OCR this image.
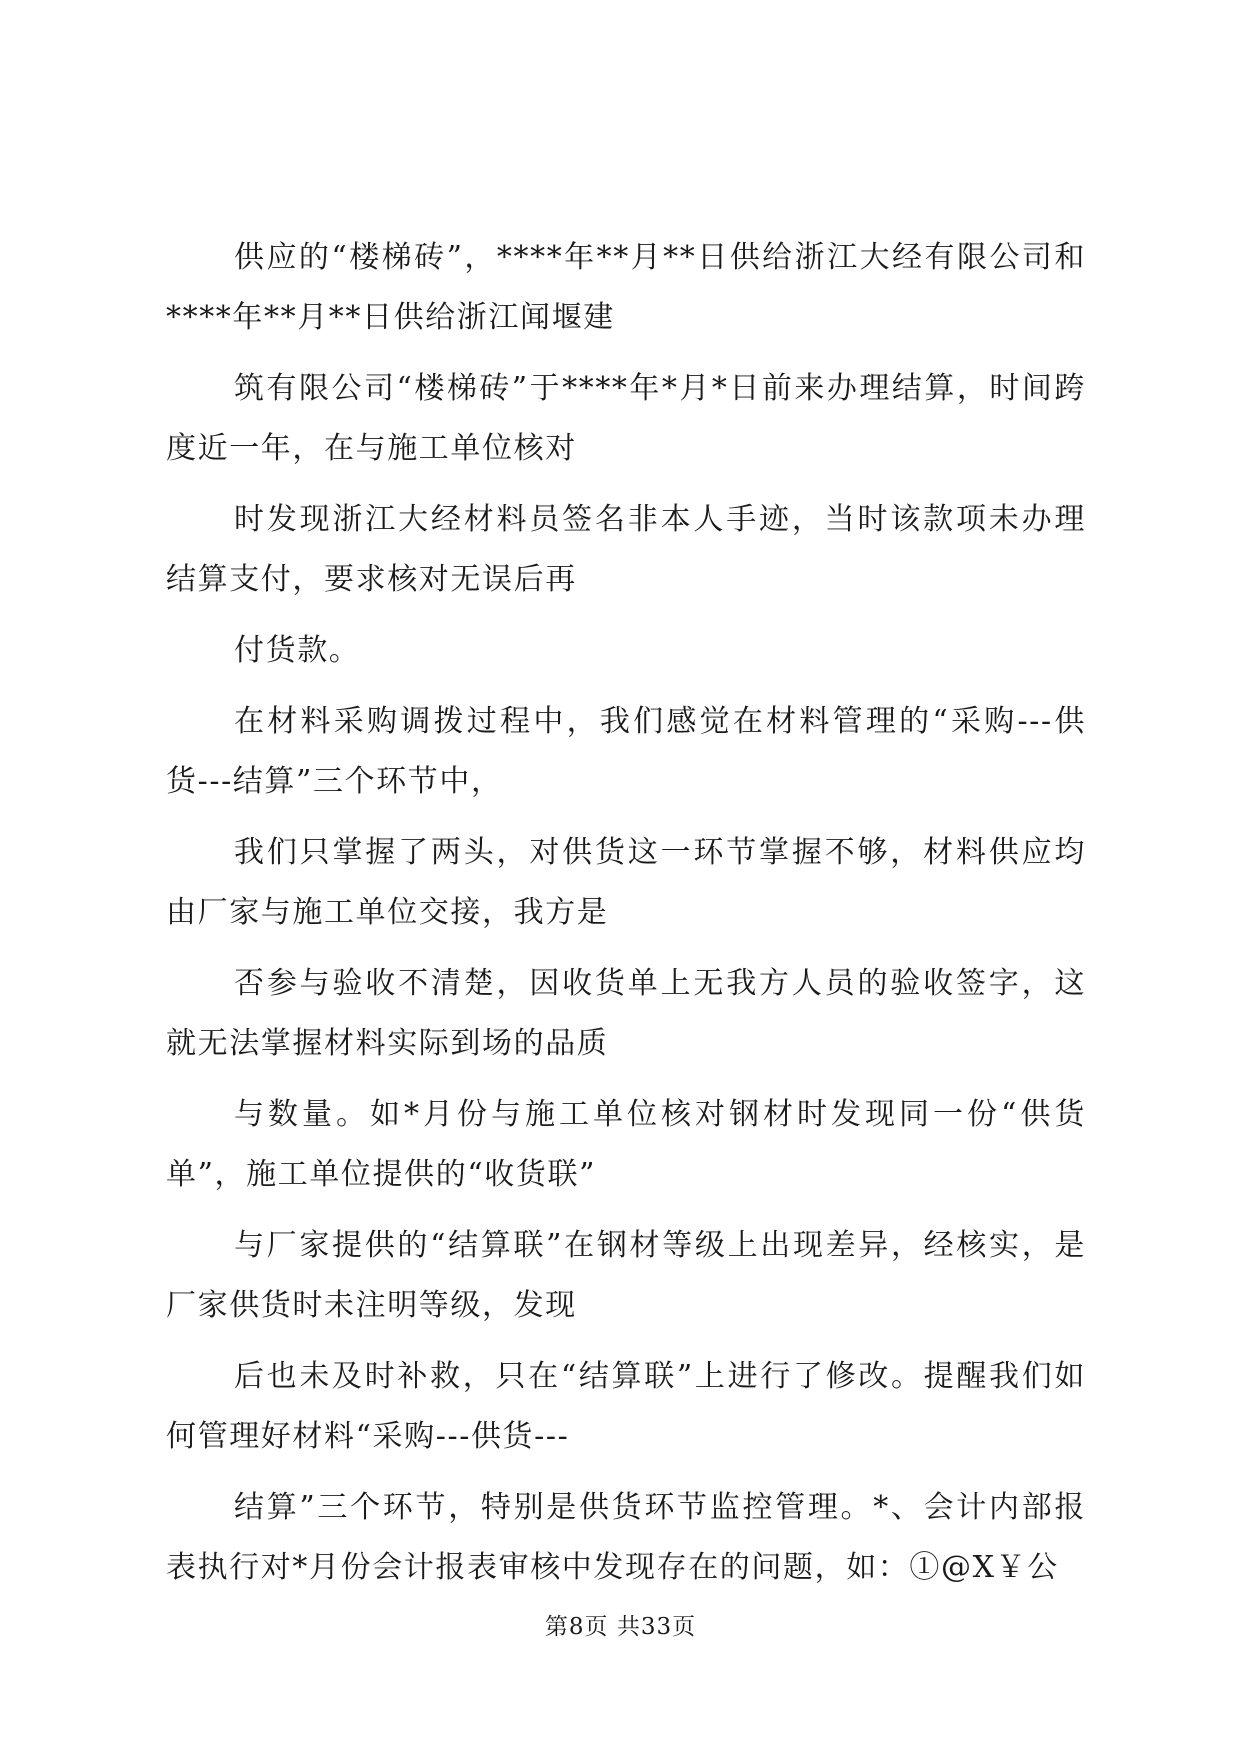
供应的“楼梯砖”，****年**月**日供给浙江大经有限公司和****年**月**日供给浙江闻堰建

筑有限公司“楼梯砖”于****年*月*日前来办理结算，时间跨度近一年，在与施工单位核对

时发现浙江大经材料员签名非本人手迹，当时该款项未办理结算支付，要求核对无误后再

付货款。

在材料采购调拨过程中，我们感觉在材料管理的“采购---供货---结算”三个环节中，

我们只掌握了两头，对供货这一环节掌握不够，材料供应均由厂家与施工单位交接，我方是

否参与验收不清楚，因收货单上无我方人员的验收签字，这就无法掌握材料实际到场的品质

与数量。如*月份与施工单位核对钢材时发现同一份“供货单”，施工单位提供的“收货联”

与厂家提供的“结算联”在钢材等级上出现差异，经核实，是厂家供货时未注明等级，发现

后也未及时补救，只在“结算联”上进行了修改。提醒我们如何管理好材料“采购---供货---

结算”三个环节，特别是供货环节监控管理。*、会计内部报表执行对*月份会计报表审核中发现存在的问题，如：①@X￥公

第8页 共33页
